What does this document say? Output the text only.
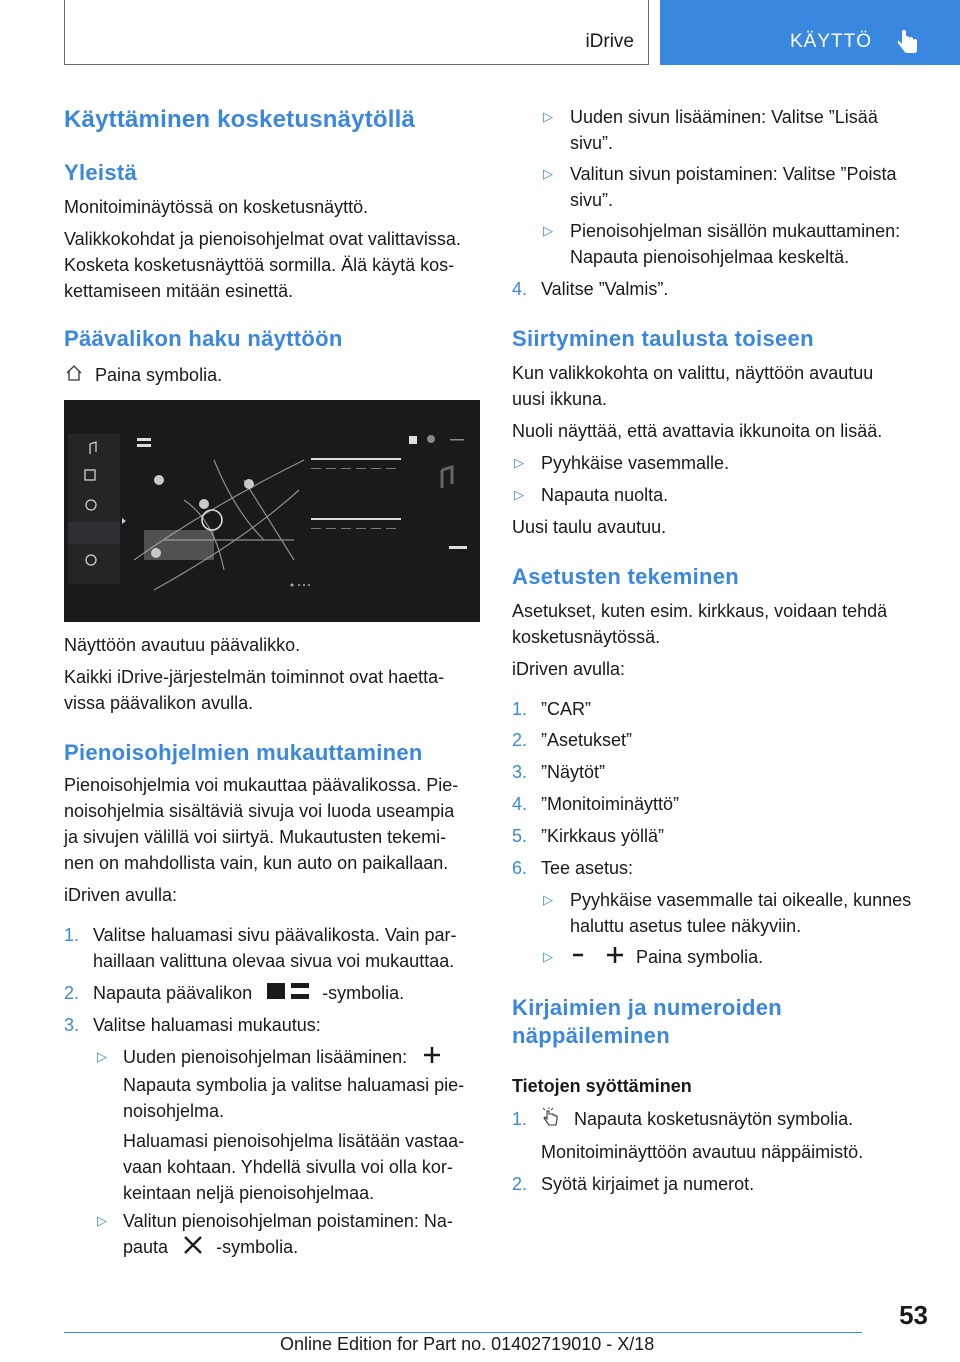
iDrive	KÄYTTÖ
Käyttäminen kosketusnäytöllä
Yleistä
Monitoiminäytössä on kosketusnäyttö.
Valikkokohdat ja pienoisohjelmat ovat valittavissa.
Kosketa kosketusnäyttöä sormilla. Älä käytä kos‐
kettamiseen mitään esinettä.
Päävalikon haku näyttöön
Paina symbolia.
Näyttöön avautuu päävalikko.
Kaikki iDrive-järjestelmän toiminnot ovat haetta‐
vissa päävalikon avulla.
Pienoisohjelmien mukauttaminen
Pienoisohjelmia voi mukauttaa päävalikossa. Pie‐
noisohjelmia sisältäviä sivuja voi luoda useampia
ja sivujen välillä voi siirtyä. Mukautusten tekemi‐
nen on mahdollista vain, kun auto on paikallaan.
iDriven avulla:
1. Valitse haluamasi sivu päävalikosta. Vain par‐
haillaan valittuna olevaa sivua voi mukauttaa.
2. Napauta päävalikon	-symbolia.
3. Valitse haluamasi mukautus:
▷ Uuden pienoisohjelman lisääminen:
Napauta symbolia ja valitse haluamasi pie‐
noisohjelma.
Haluamasi pienoisohjelma lisätään vastaa‐
vaan kohtaan. Yhdellä sivulla voi olla kor‐
keintaan neljä pienoisohjelmaa.
▷ Valitun pienoisohjelman poistaminen: Na‐
pauta	-symbolia.
▷ Uuden sivun lisääminen: Valitse ”Lisää
sivu”.
▷ Valitun sivun poistaminen: Valitse ”Poista
sivu”.
▷ Pienoisohjelman sisällön mukauttaminen:
Napauta pienoisohjelmaa keskeltä.
4. Valitse ”Valmis”.
Siirtyminen taulusta toiseen
Kun valikkokohta on valittu, näyttöön avautuu
uusi ikkuna.
Nuoli näyttää, että avattavia ikkunoita on lisää.
▷ Pyyhkäise vasemmalle.
▷ Napauta nuolta.
Uusi taulu avautuu.
Asetusten tekeminen
Asetukset, kuten esim. kirkkaus, voidaan tehdä
kosketusnäytössä.
iDriven avulla:
1. ”CAR”
2. ”Asetukset”
3. ”Näytöt”
4. ”Monitoiminäyttö”
5. ”Kirkkaus yöllä”
6. Tee asetus:
▷ Pyyhkäise vasemmalle tai oikealle, kunnes
haluttu asetus tulee näkyviin.
▷	Paina symbolia.
Kirjaimien ja numeroiden
näppäileminen
Tietojen syöttäminen
1.	Napauta kosketusnäytön symbolia.
Monitoiminäyttöön avautuu näppäimistö.
2. Syötä kirjaimet ja numerot.
53
Online Edition for Part no. 01402719010 - X/18
